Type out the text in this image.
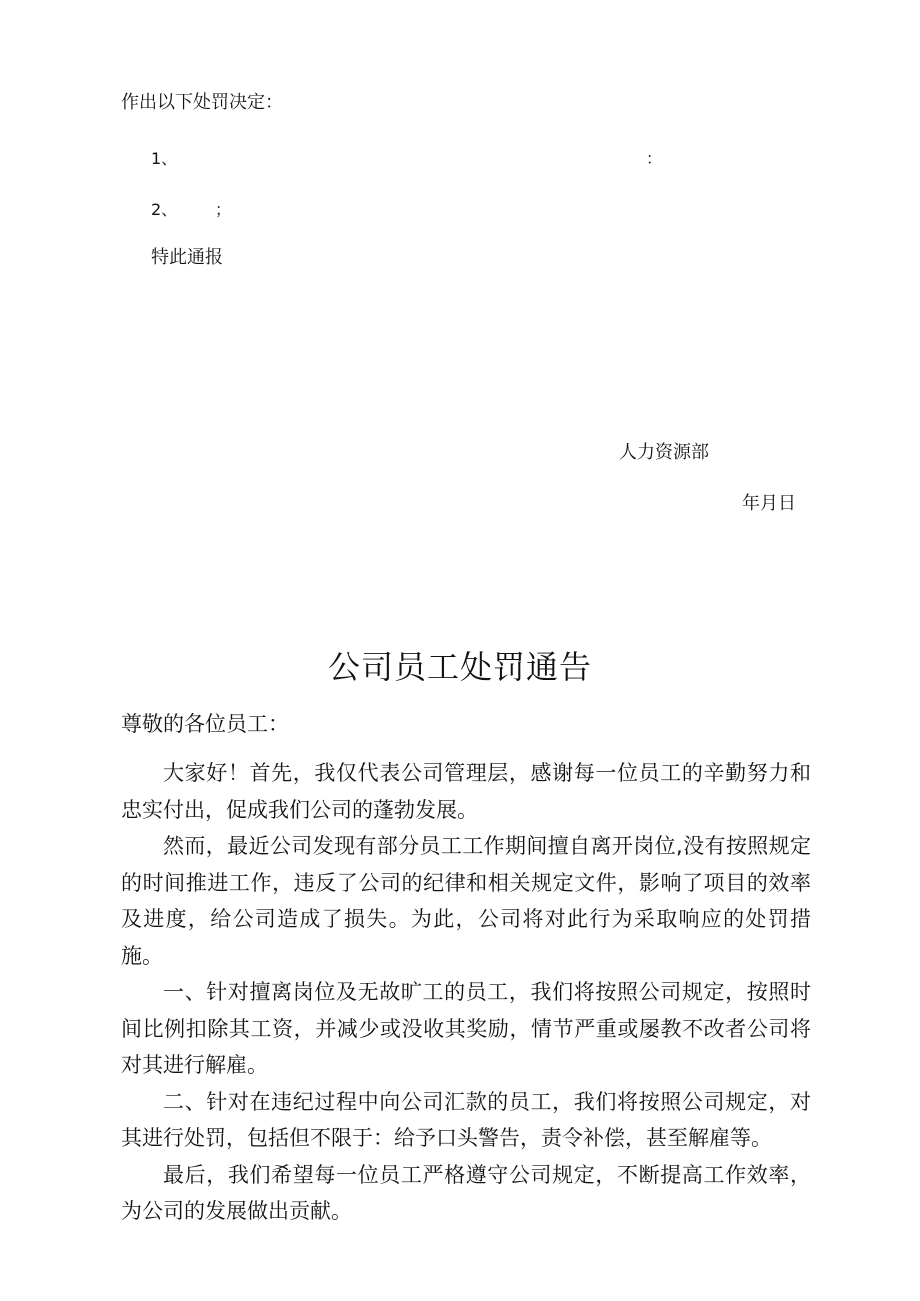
作出以下处罚决定：
1、	：
2、 ；
特此通报
人力资源部
年月日
公司员工处罚通告
尊敬的各位员工：

大家好！首先，我仅代表公司管理层，感谢每一位员工的辛勤努力和忠实付出，促成我们公司的蓬勃发展。

然而，最近公司发现有部分员工工作期间擅自离开岗位,没有按照规定的时间推进工作，违反了公司的纪律和相关规定文件，影响了项目的效率及进度，给公司造成了损失。为此，公司将对此行为采取响应的处罚措施。

一、针对擅离岗位及无故旷工的员工，我们将按照公司规定，按照时间比例扣除其工资，并减少或没收其奖励，情节严重或屡教不改者公司将对其进行解雇。

二、针对在违纪过程中向公司汇款的员工，我们将按照公司规定，对其进行处罚，包括但不限于：给予口头警告，责令补偿，甚至解雇等。

最后，我们希望每一位员工严格遵守公司规定，不断提高工作效率，为公司的发展做出贡献。
